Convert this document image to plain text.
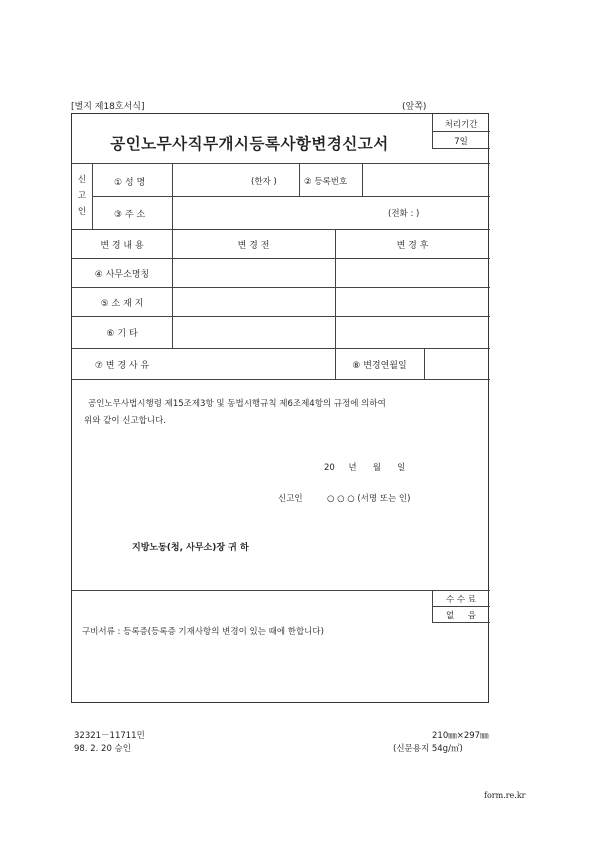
[별지 제18호서식]	(앞쪽)
공인노무사직무개시등록사항변경신고서
처리기간
7일
신
고
인
① 성 명	(한자 )	② 등록번호
③ 주 소	(전화 : )
변 경 내 용	변 경 전	변 경 후
④ 사무소명칭
⑤ 소 재 지
⑥ 기 타
⑦ 변 경 사 유	⑧ 변경연월일
공인노무사법시행령 제15조제3항 및 동법시행규칙 제6조제4항의 규정에 의하여
위와 같이 신고합니다.
20     년      월      일
신고인	○ ○ ○ (서명 또는 인)
지방노동(청, 사무소)장 귀 하
수 수 료
없     음
구비서류 : 등록증(등록증 기재사항의 변경이 있는 때에 한합니다)
32321－11711민
98. 2. 20 승인
210㎜×297㎜
(신문용지 54g/㎡)
form.re.kr
